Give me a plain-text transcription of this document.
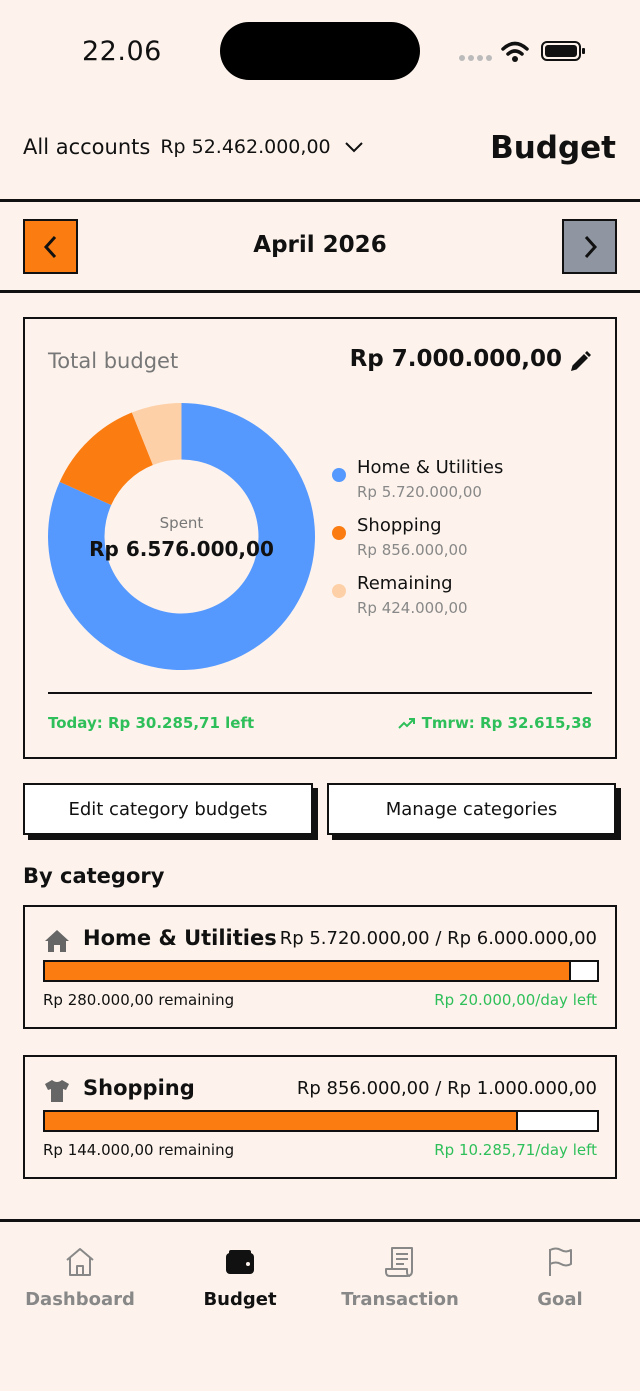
22.06
All accounts Rp 52.462.000,00	Budget
April 2026
Total budget	Rp 7.000.000,00
Spent
Rp 6.576.000,00
Home & Utilities
Rp 5.720.000,00
Shopping
Rp 856.000,00
Remaining
Rp 424.000,00
Today: Rp 30.285,71 left	Tmrw: Rp 32.615,38
Edit category budgets	Manage categories
By category
Home & Utilities Rp 5.720.000,00 / Rp 6.000.000,00
Rp 280.000,00 remaining	Rp 20.000,00/day left
Shopping	Rp 856.000,00 / Rp 1.000.000,00
Rp 144.000,00 remaining	Rp 10.285,71/day left
Dashboard	Budget	Transaction	Goal
